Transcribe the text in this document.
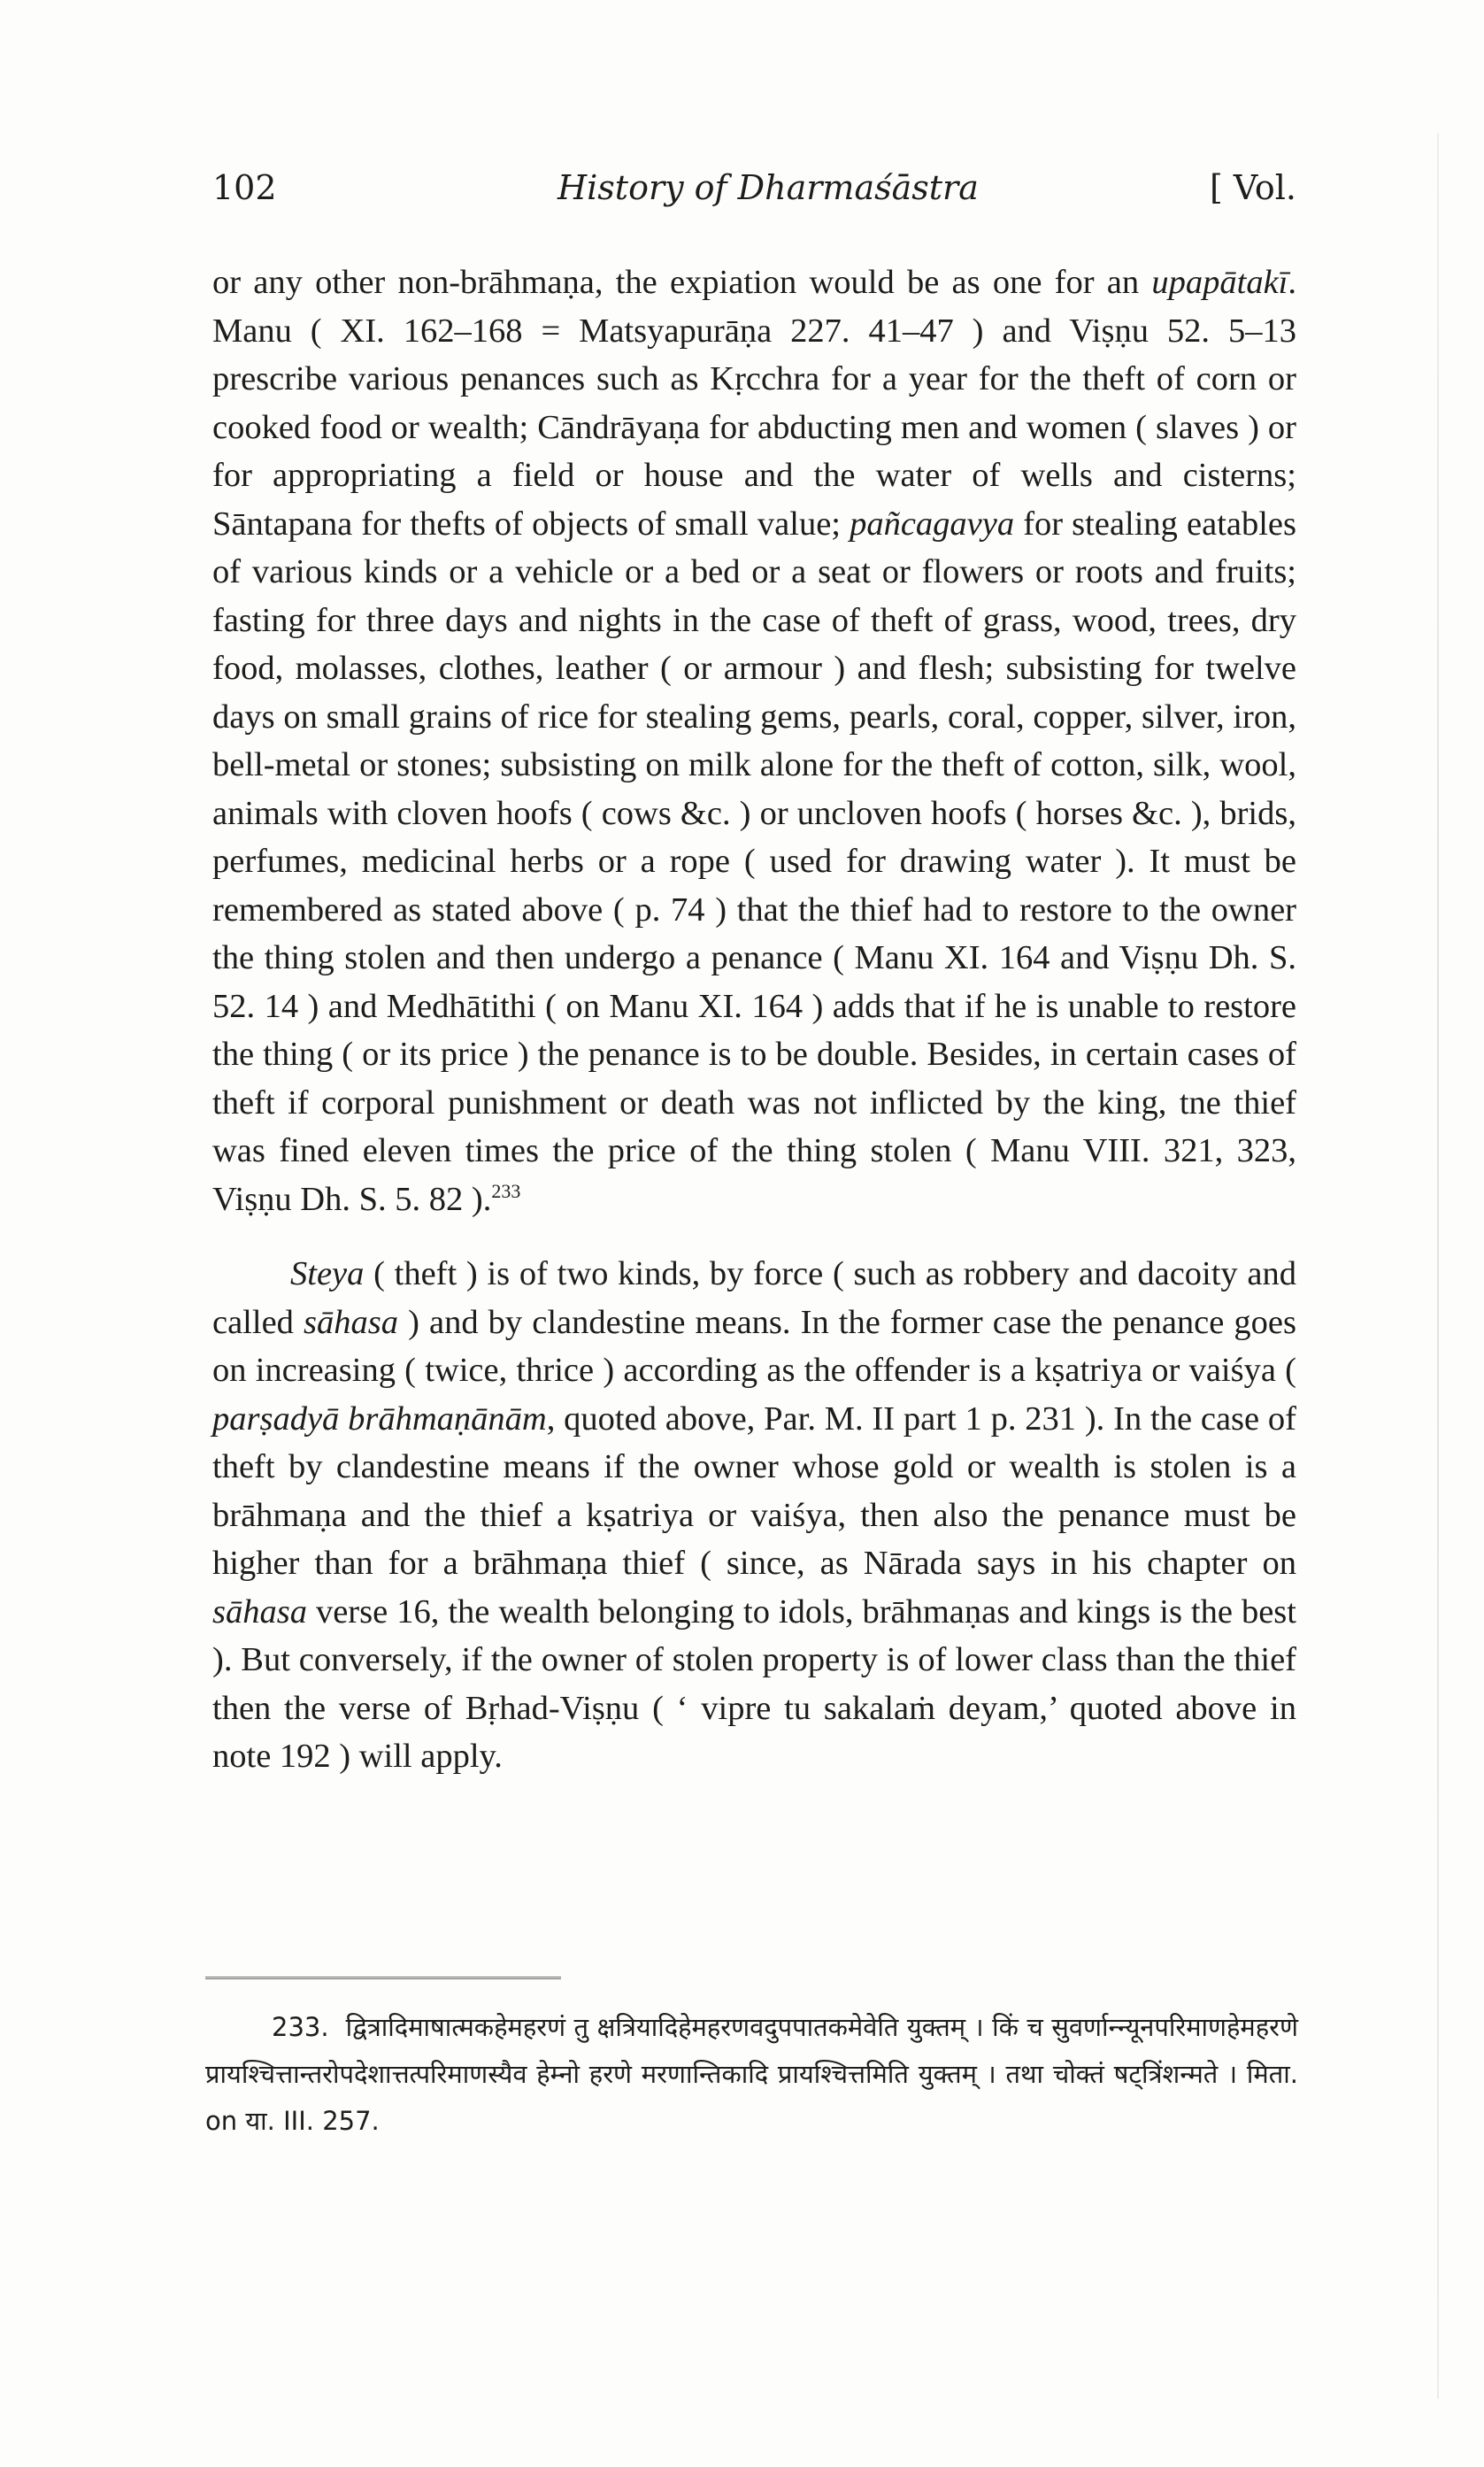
102	History of Dharmaśāstra	[ Vol.

or any other non-brāhmaṇa, the expiation would be as one for an upapātakī. Manu ( XI. 162–168 = Matsyapurāṇa 227. 41–47 ) and Viṣṇu 52. 5–13 prescribe various penances such as Kṛcchra for a year for the theft of corn or cooked food or wealth; Cāndrāyaṇa for abducting men and women ( slaves ) or for appropriating a field or house and the water of wells and cisterns; Sāntapana for thefts of objects of small value; pañcagavya for stealing eatables of various kinds or a vehicle or a bed or a seat or flowers or roots and fruits; fasting for three days and nights in the case of theft of grass, wood, trees, dry food, molasses, clothes, leather ( or armour ) and flesh; subsisting for twelve days on small grains of rice for stealing gems, pearls, coral, copper, silver, iron, bell-metal or stones; subsisting on milk alone for the theft of cotton, silk, wool, animals with cloven hoofs ( cows &c. ) or uncloven hoofs ( horses &c. ), brids, perfumes, medicinal herbs or a rope ( used for drawing water ). It must be remembered as stated above ( p. 74 ) that the thief had to restore to the owner the thing stolen and then undergo a penance ( Manu XI. 164 and Viṣṇu Dh. S. 52. 14 ) and Medhātithi ( on Manu XI. 164 ) adds that if he is unable to restore the thing ( or its price ) the penance is to be double. Besides, in certain cases of theft if corporal punishment or death was not inflicted by the king, tne thief was fined eleven times the price of the thing stolen ( Manu VIII. 321, 323, Viṣṇu Dh. S. 5. 82 ).$^{233}$

Steya ( theft ) is of two kinds, by force ( such as robbery and dacoity and called sāhasa ) and by clandestine means. In the former case the penance goes on increasing ( twice, thrice ) according as the offender is a kṣatriya or vaiśya ( parṣadyā brāhmaṇānām, quoted above, Par. M. II part 1 p. 231 ). In the case of theft by clandestine means if the owner whose gold or wealth is stolen is a brāhmaṇa and the thief a kṣatriya or vaiśya, then also the penance must be higher than for a brāhmaṇa thief ( since, as Nārada says in his chapter on sāhasa verse 16, the wealth belonging to idols, brāhmaṇas and kings is the best ). But conversely, if the owner of stolen property is of lower class than the thief then the verse of Bṛhad-Viṣṇu ( ‘ vipre tu sakalaṁ deyam,’ quoted above in note 192 ) will apply.

233. द्वित्रादिमाषात्मकहेमहरणं तु क्षत्रियादिहेमहरणवदुपपातकमेवेति युक्तम् । किं च सुवर्णान्न्यूनपरिमाणहेमहरणे प्रायश्चित्तान्तरोपदेशात्तत्परिमाणस्यैव हेम्नो हरणे मरणान्तिकादि प्रायश्चित्तमिति युक्तम् । तथा चोक्तं षट्त्रिंशन्मते । मिता. on या. III. 257.
